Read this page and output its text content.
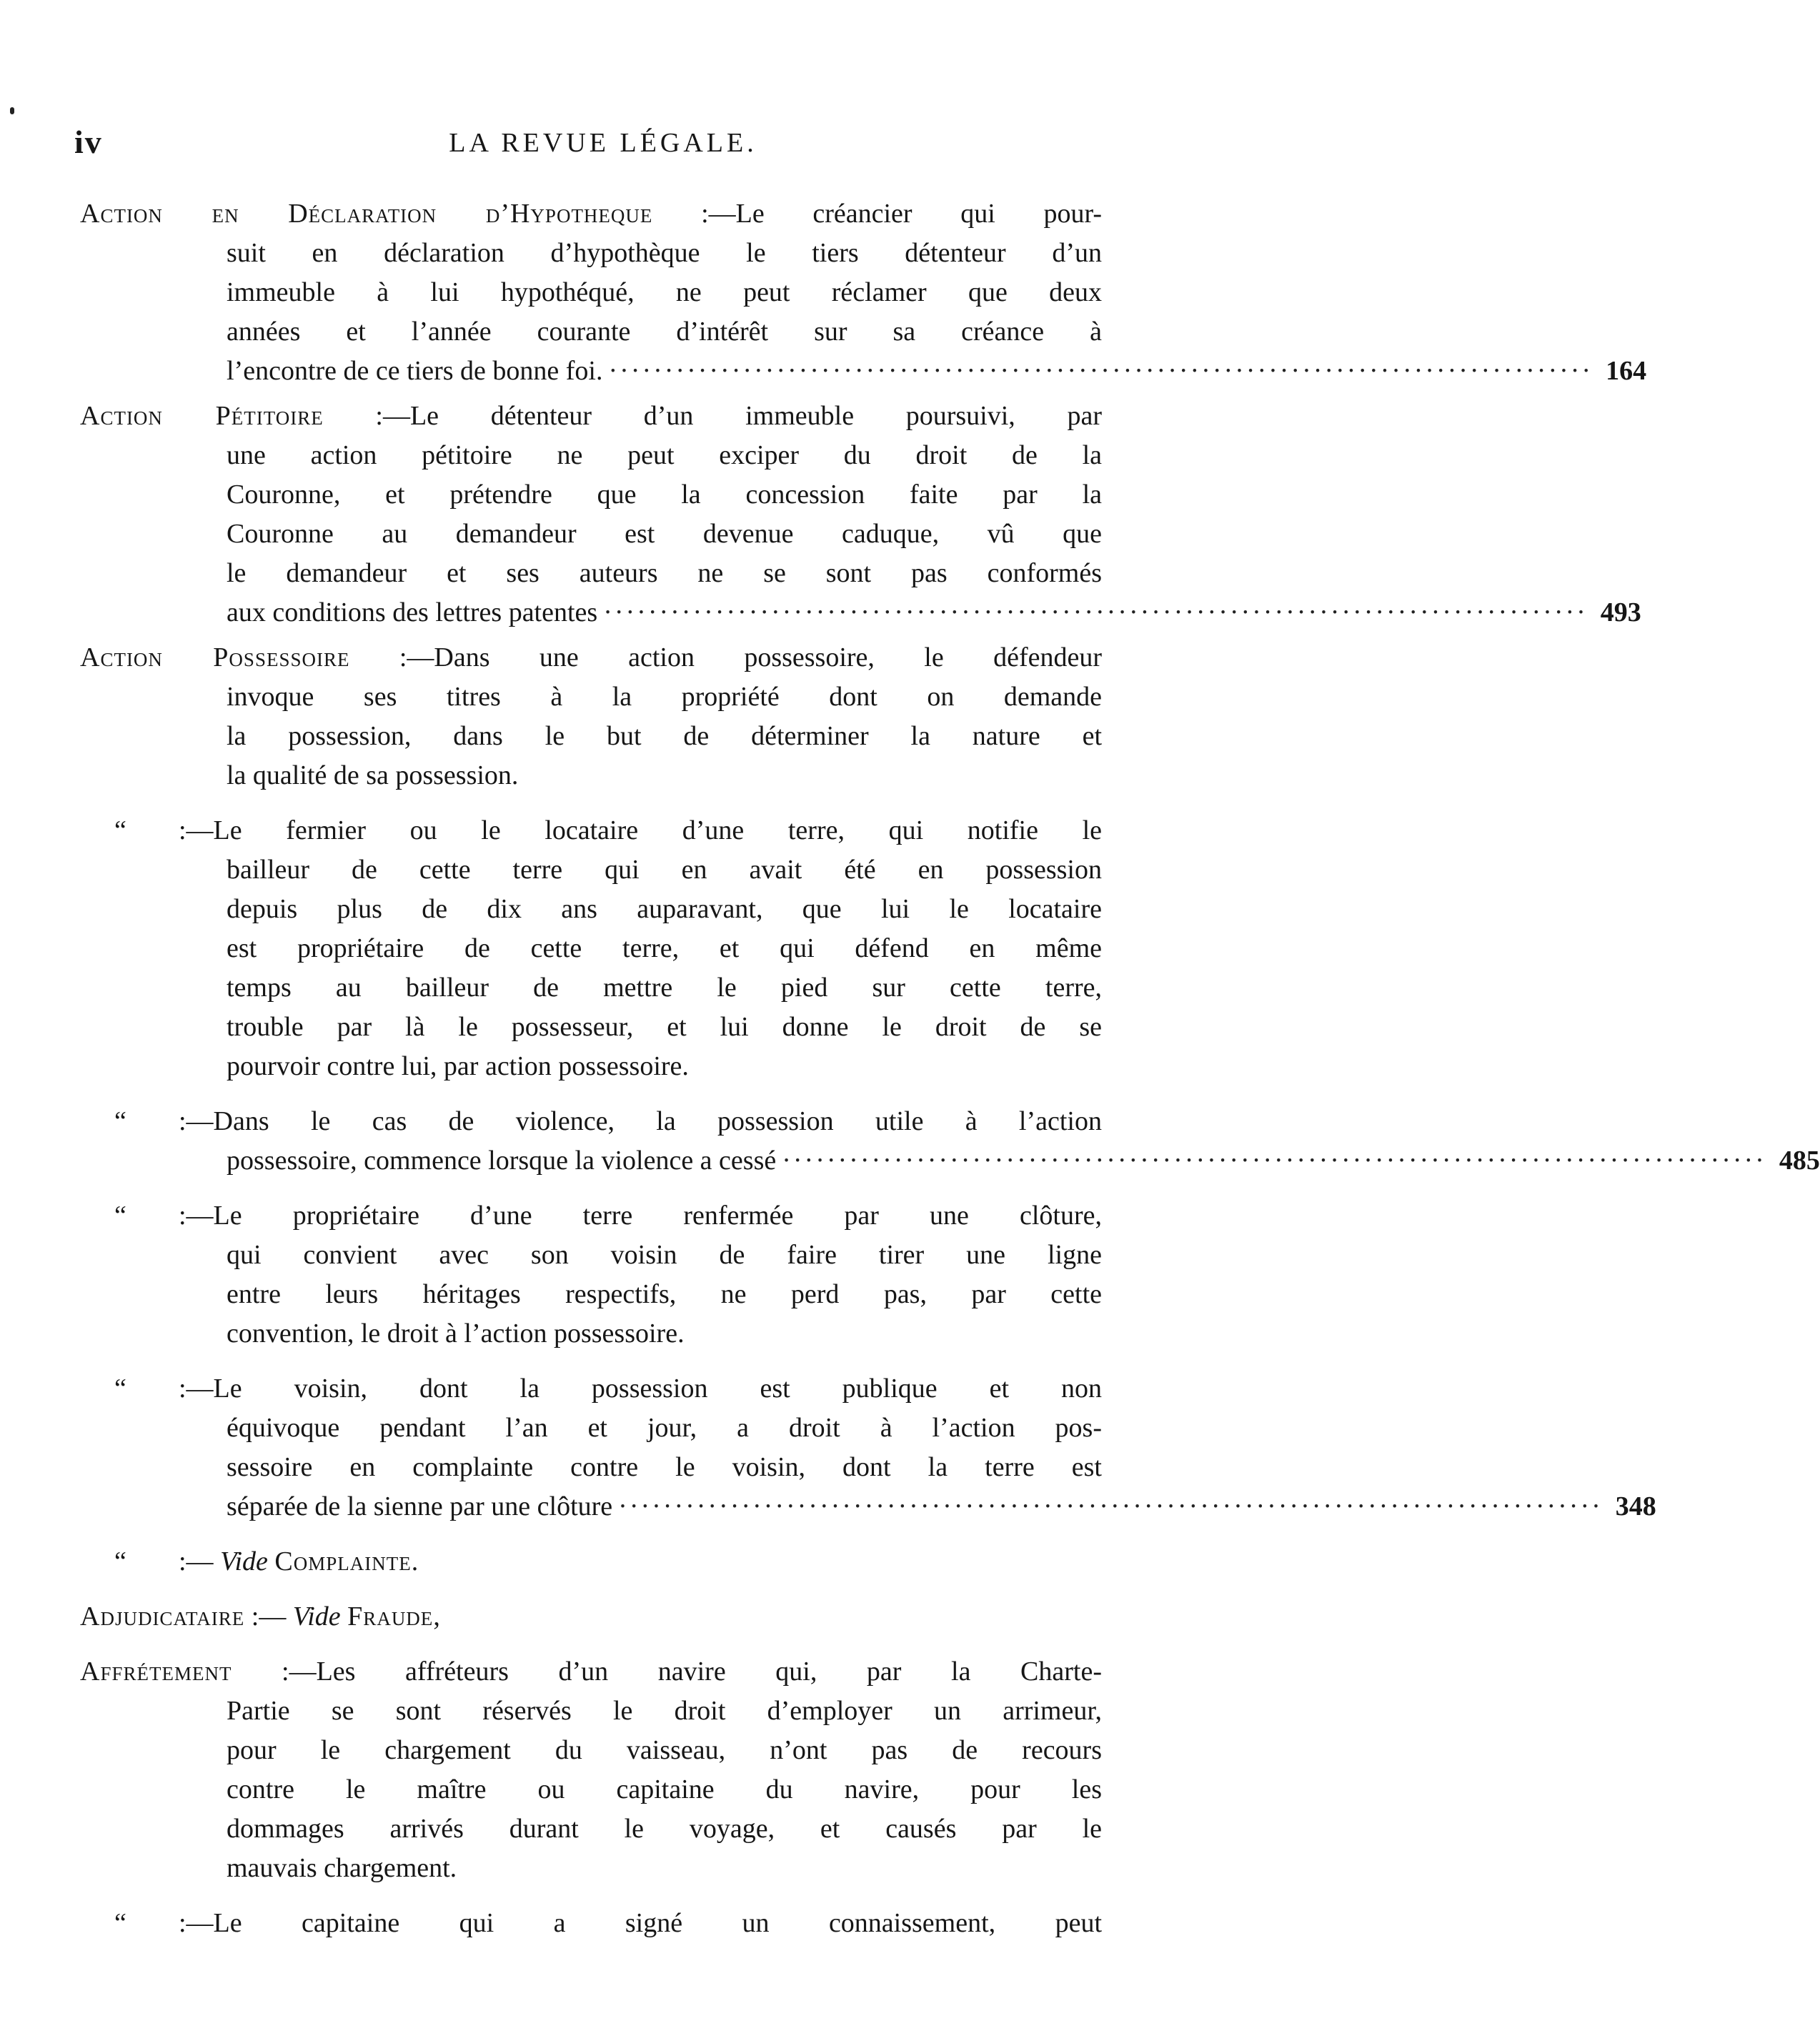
iv	LA REVUE LÉGALE.
Action en Déclaration d’Hypotheque :—Le créancier qui pour-
suit en déclaration d’hypothèque le tiers détenteur d’un
immeuble à lui hypothéqué, ne peut réclamer que deux
années et l’année courante d’intérêt sur sa créance à
l’encontre de ce tiers de bonne foi. ························································································ 164
Action Pétitoire :—Le détenteur d’un immeuble poursuivi, par
une action pétitoire ne peut exciper du droit de la
Couronne, et prétendre que la concession faite par la
Couronne au demandeur est devenue caduque, vû que
le demandeur et ses auteurs ne se sont pas conformés
aux conditions des lettres patentes ························································································ 493
Action Possessoire :—Dans une action possessoire, le défendeur
invoque ses titres à la propriété dont on demande
la possession, dans le but de déterminer la nature et
la qualité de sa possession.
“ :—Le fermier ou le locataire d’une terre, qui notifie le
bailleur de cette terre qui en avait été en possession
depuis plus de dix ans auparavant, que lui le locataire
est propriétaire de cette terre, et qui défend en même
temps au bailleur de mettre le pied sur cette terre,
trouble par là le possesseur, et lui donne le droit de se
pourvoir contre lui, par action possessoire.
“ :—Dans le cas de violence, la possession utile à l’action
possessoire, commence lorsque la violence a cessé ························································································ 485
“ :—Le propriétaire d’une terre renfermée par une clôture,
qui convient avec son voisin de faire tirer une ligne
entre leurs héritages respectifs, ne perd pas, par cette
convention, le droit à l’action possessoire.
“ :—Le voisin, dont la possession est publique et non
équivoque pendant l’an et jour, a droit à l’action pos-
sessoire en complainte contre le voisin, dont la terre est
séparée de la sienne par une clôture ························································································ 348
“ :— Vide Complainte.
Adjudicataire :— Vide Fraude,
Affrétement :—Les affréteurs d’un navire qui, par la Charte-
Partie se sont réservés le droit d’employer un arrimeur,
pour le chargement du vaisseau, n’ont pas de recours
contre le maître ou capitaine du navire, pour les
dommages arrivés durant le voyage, et causés par le
mauvais chargement.
“ :—Le capitaine qui a signé un connaissement, peut
